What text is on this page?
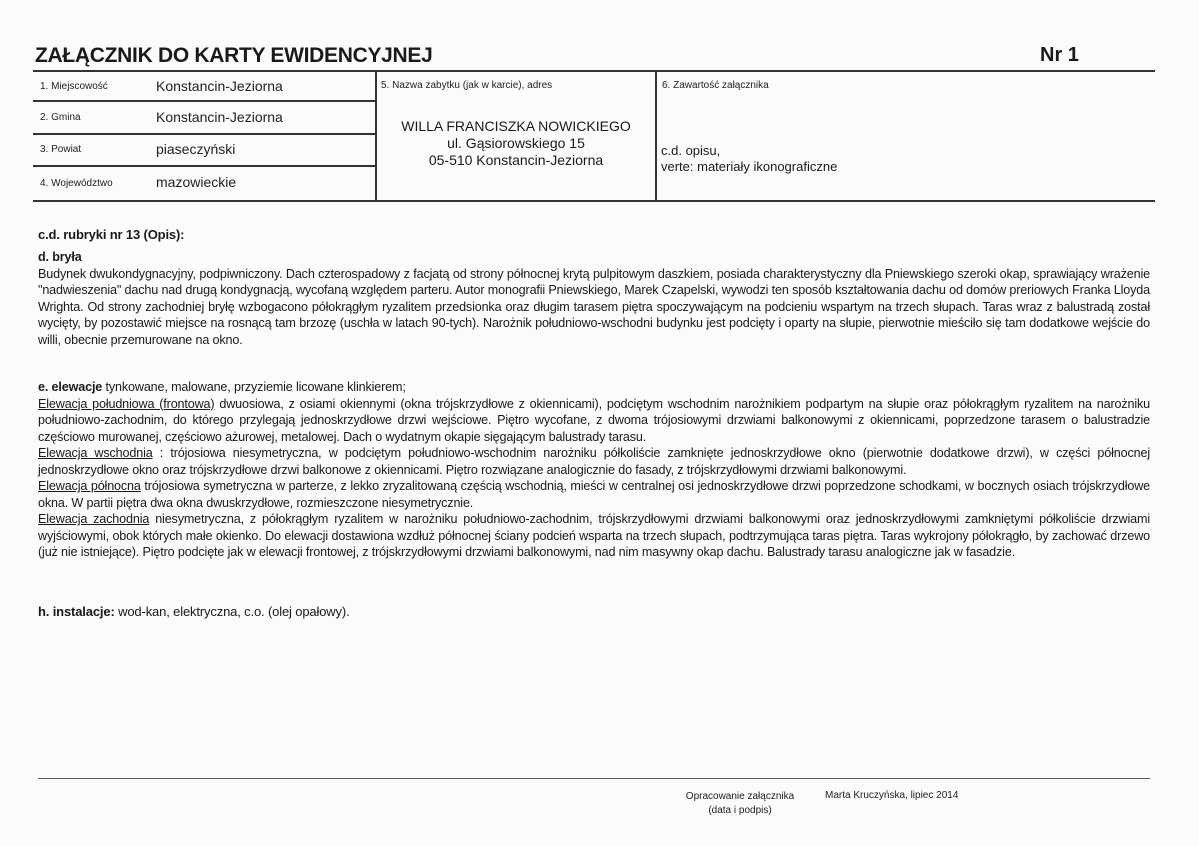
ZAŁĄCZNIK DO KARTY EWIDENCYJNEJ	Nr 1
1. Miejscowość	Konstancin-Jeziorna
2. Gmina	Konstancin-Jeziorna
3. Powiat	piaseczyński
4. Województwo	mazowieckie
5. Nazwa zabytku (jak w karcie), adres
WILLA FRANCISZKA NOWICKIEGO
ul. Gąsiorowskiego 15
05-510 Konstancin-Jeziorna
6. Zawartość załącznika
c.d. opisu,
verte: materiały ikonograficzne
c.d. rubryki nr 13 (Opis):

d. bryła

Budynek dwukondygnacyjny, podpiwniczony. Dach czterospadowy z facjatą od strony północnej krytą pulpitowym daszkiem, posiada charakterystyczny dla Pniewskiego szeroki okap, sprawiający wrażenie "nadwieszenia" dachu nad drugą kondygnacją, wycofaną względem parteru. Autor monografii Pniewskiego, Marek Czapelski, wywodzi ten sposób kształtowania dachu od domów preriowych Franka Lloyda Wrighta. Od strony zachodniej bryłę wzbogacono półokrągłym ryzalitem przedsionka oraz długim tarasem piętra spoczywającym na podcieniu wspartym na trzech słupach. Taras wraz z balustradą został wycięty, by pozostawić miejsce na rosnącą tam brzozę (uschła w latach 90-tych). Narożnik południowo-wschodni budynku jest podcięty i oparty na słupie, pierwotnie mieściło się tam dodatkowe wejście do willi, obecnie przemurowane na okno.

e. elewacje tynkowane, malowane, przyziemie licowane klinkierem;

Elewacja południowa (frontowa) dwuosiowa, z osiami okiennymi (okna trójskrzydłowe z okiennicami), podciętym wschodnim narożnikiem podpartym na słupie oraz półokrągłym ryzalitem na narożniku południowo-zachodnim, do którego przylegają jednoskrzydłowe drzwi wejściowe. Piętro wycofane, z dwoma trójosiowymi drzwiami balkonowymi z okiennicami, poprzedzone tarasem o balustradzie częściowo murowanej, częściowo ażurowej, metalowej. Dach o wydatnym okapie sięgającym balustrady tarasu.

Elewacja wschodnia : trójosiowa niesymetryczna, w podciętym południowo-wschodnim narożniku półkoliście zamknięte jednoskrzydłowe okno (pierwotnie dodatkowe drzwi), w części północnej jednoskrzydłowe okno oraz trójskrzydłowe drzwi balkonowe z okiennicami. Piętro rozwiązane analogicznie do fasady, z trójskrzydłowymi drzwiami balkonowymi.

Elewacja północna trójosiowa symetryczna w parterze, z lekko zryzalitowaną częścią wschodnią, mieści w centralnej osi jednoskrzydłowe drzwi poprzedzone schodkami, w bocznych osiach trójskrzydłowe okna. W partii piętra dwa okna dwuskrzydłowe, rozmieszczone niesymetrycznie.

Elewacja zachodnia niesymetryczna, z półokrągłym ryzalitem w narożniku południowo-zachodnim, trójskrzydłowymi drzwiami balkonowymi oraz jednoskrzydłowymi zamkniętymi półkoliście drzwiami wyjściowymi, obok których małe okienko. Do elewacji dostawiona wzdłuż północnej ściany podcień wsparta na trzech słupach, podtrzymująca taras piętra. Taras wykrojony półokrągło, by zachować drzewo (już nie istniejące). Piętro podcięte jak w elewacji frontowej, z trójskrzydłowymi drzwiami balkonowymi, nad nim masywny okap dachu. Balustrady tarasu analogiczne jak w fasadzie.

h. instalacje: wod-kan, elektryczna, c.o. (olej opałowy).
Opracowanie załącznika
(data i podpis)
Marta Kruczyńska, lipiec 2014
